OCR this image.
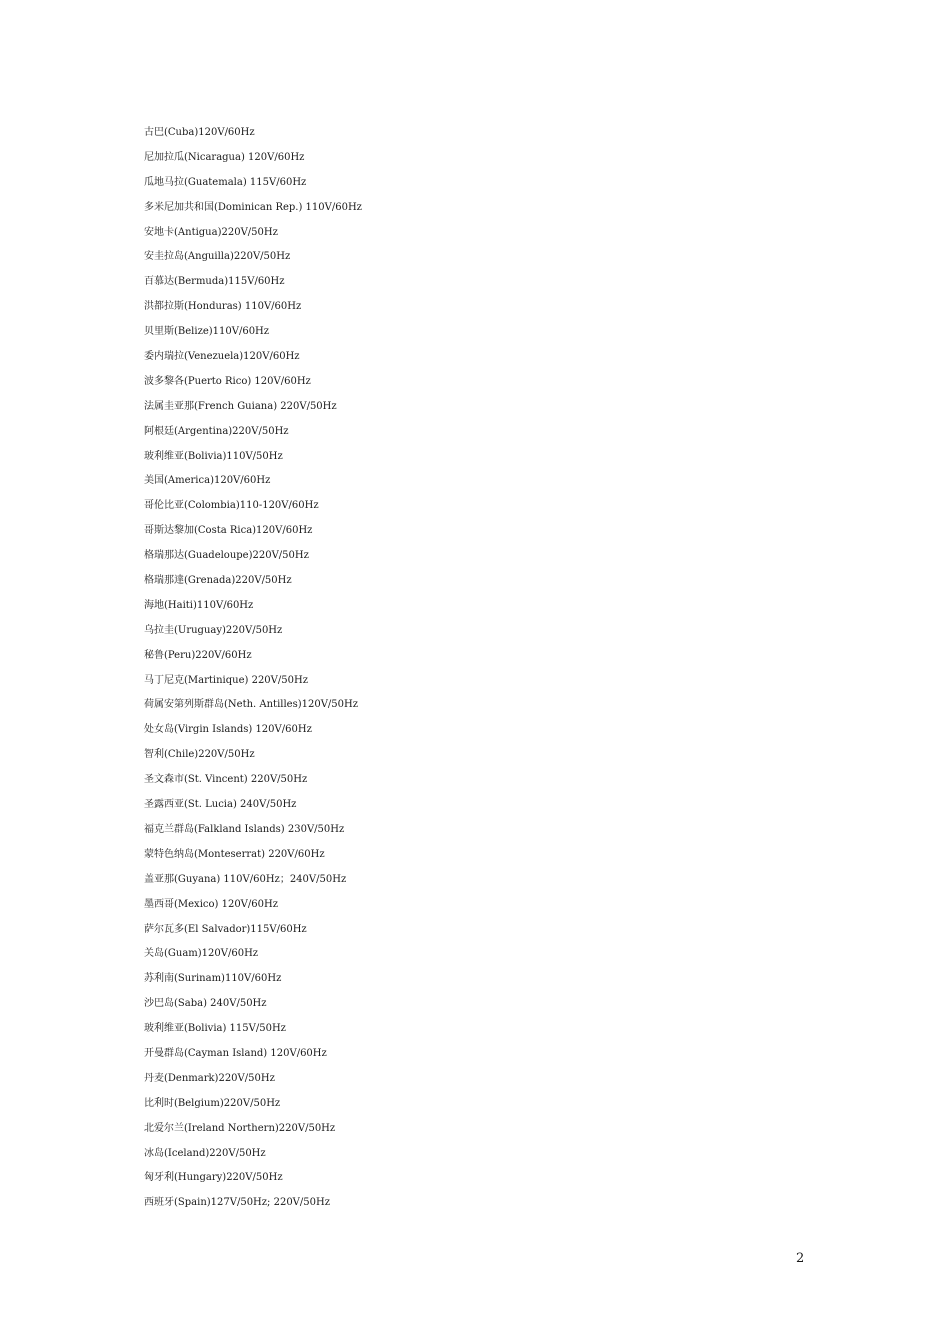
古巴(Cuba)120V/60Hz
尼加拉瓜(Nicaragua) 120V/60Hz
瓜地马拉(Guatemala) 115V/60Hz
多米尼加共和国(Dominican Rep.) 110V/60Hz
安地卡(Antigua)220V/50Hz
安圭拉岛(Anguilla)220V/50Hz
百慕达(Bermuda)115V/60Hz
洪都拉斯(Honduras) 110V/60Hz
贝里斯(Belize)110V/60Hz
委内瑞拉(Venezuela)120V/60Hz
波多黎各(Puerto Rico) 120V/60Hz
法属圭亚那(French Guiana) 220V/50Hz
阿根廷(Argentina)220V/50Hz
玻利维亚(Bolivia)110V/50Hz
美国(America)120V/60Hz
哥伦比亚(Colombia)110-120V/60Hz
哥斯达黎加(Costa Rica)120V/60Hz
格瑞那达(Guadeloupe)220V/50Hz
格瑞那達(Grenada)220V/50Hz
海地(Haiti)110V/60Hz
乌拉圭(Uruguay)220V/50Hz
秘鲁(Peru)220V/60Hz
马丁尼克(Martinique) 220V/50Hz
荷属安第列斯群岛(Neth. Antilles)120V/50Hz
处女岛(Virgin Islands) 120V/60Hz
智利(Chile)220V/50Hz
圣文森市(St. Vincent) 220V/50Hz
圣露西亚(St. Lucia) 240V/50Hz
福克兰群岛(Falkland Islands) 230V/50Hz
蒙特色纳岛(Monteserrat) 220V/60Hz
盖亚那(Guyana) 110V/60Hz；240V/50Hz
墨西哥(Mexico) 120V/60Hz
萨尔瓦多(El Salvador)115V/60Hz
关岛(Guam)120V/60Hz
苏利南(Surinam)110V/60Hz
沙巴岛(Saba) 240V/50Hz
玻利维亚(Bolivia) 115V/50Hz
开曼群岛(Cayman Island) 120V/60Hz
丹麦(Denmark)220V/50Hz
比利时(Belgium)220V/50Hz
北爱尔兰(Ireland Northern)220V/50Hz
冰岛(Iceland)220V/50Hz
匈牙利(Hungary)220V/50Hz
西班牙(Spain)127V/50Hz; 220V/50Hz
2
